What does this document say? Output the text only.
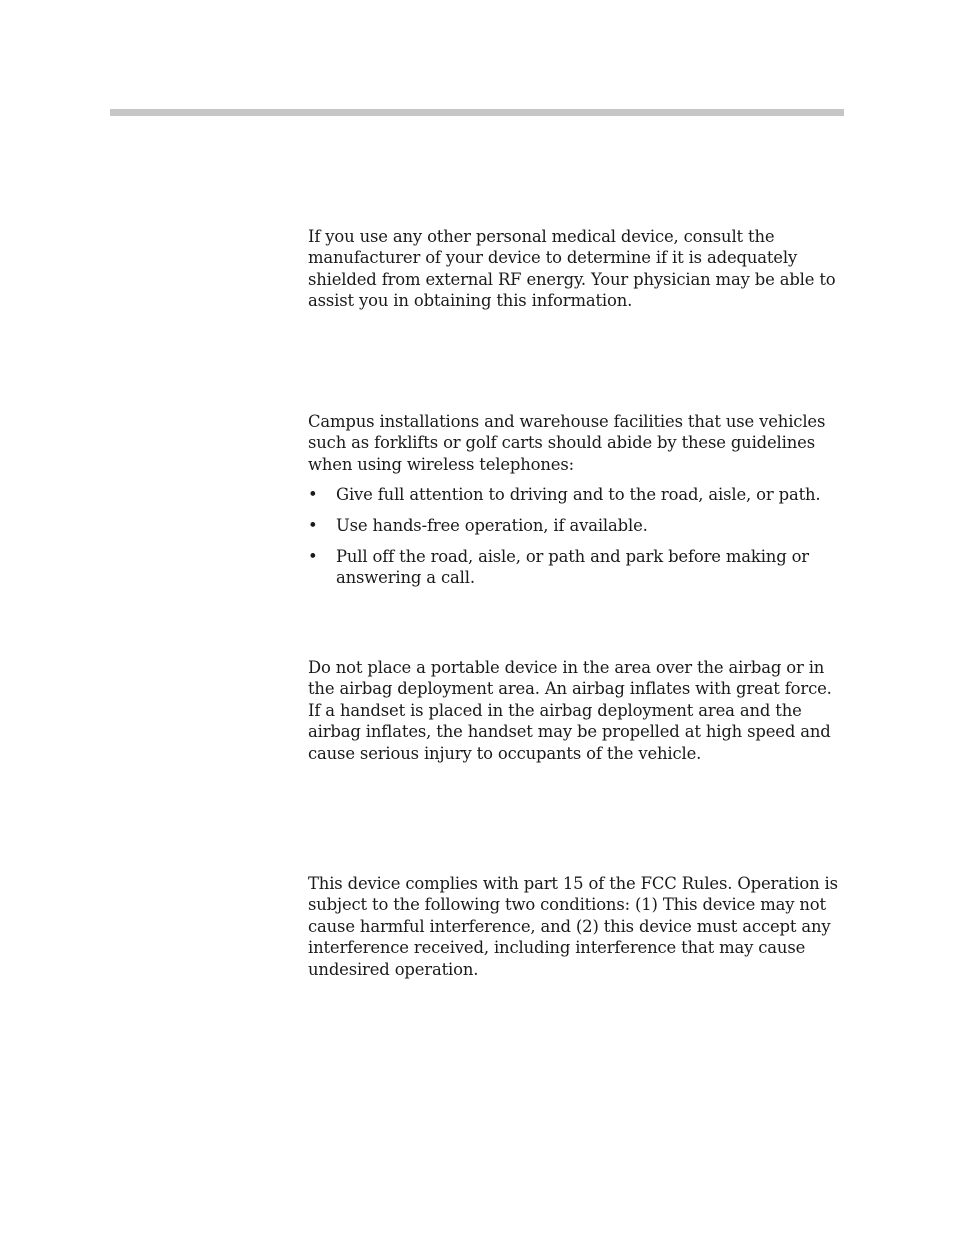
If you use any other personal medical device, consult the manufacturer of your device to determine if it is adequately shielded from external RF energy. Your physician may be able to assist you in obtaining this information.

Campus installations and warehouse facilities that use vehicles such as forklifts or golf carts should abide by these guidelines when using wireless telephones:

• Give full attention to driving and to the road, aisle, or path.
• Use hands-free operation, if available.
• Pull off the road, aisle, or path and park before making or answering a call.

Do not place a portable device in the area over the airbag or in the airbag deployment area. An airbag inflates with great force. If a handset is placed in the airbag deployment area and the airbag inflates, the handset may be propelled at high speed and cause serious injury to occupants of the vehicle.

This device complies with part 15 of the FCC Rules. Operation is subject to the following two conditions: (1) This device may not cause harmful interference, and (2) this device must accept any interference received, including interference that may cause undesired operation.
